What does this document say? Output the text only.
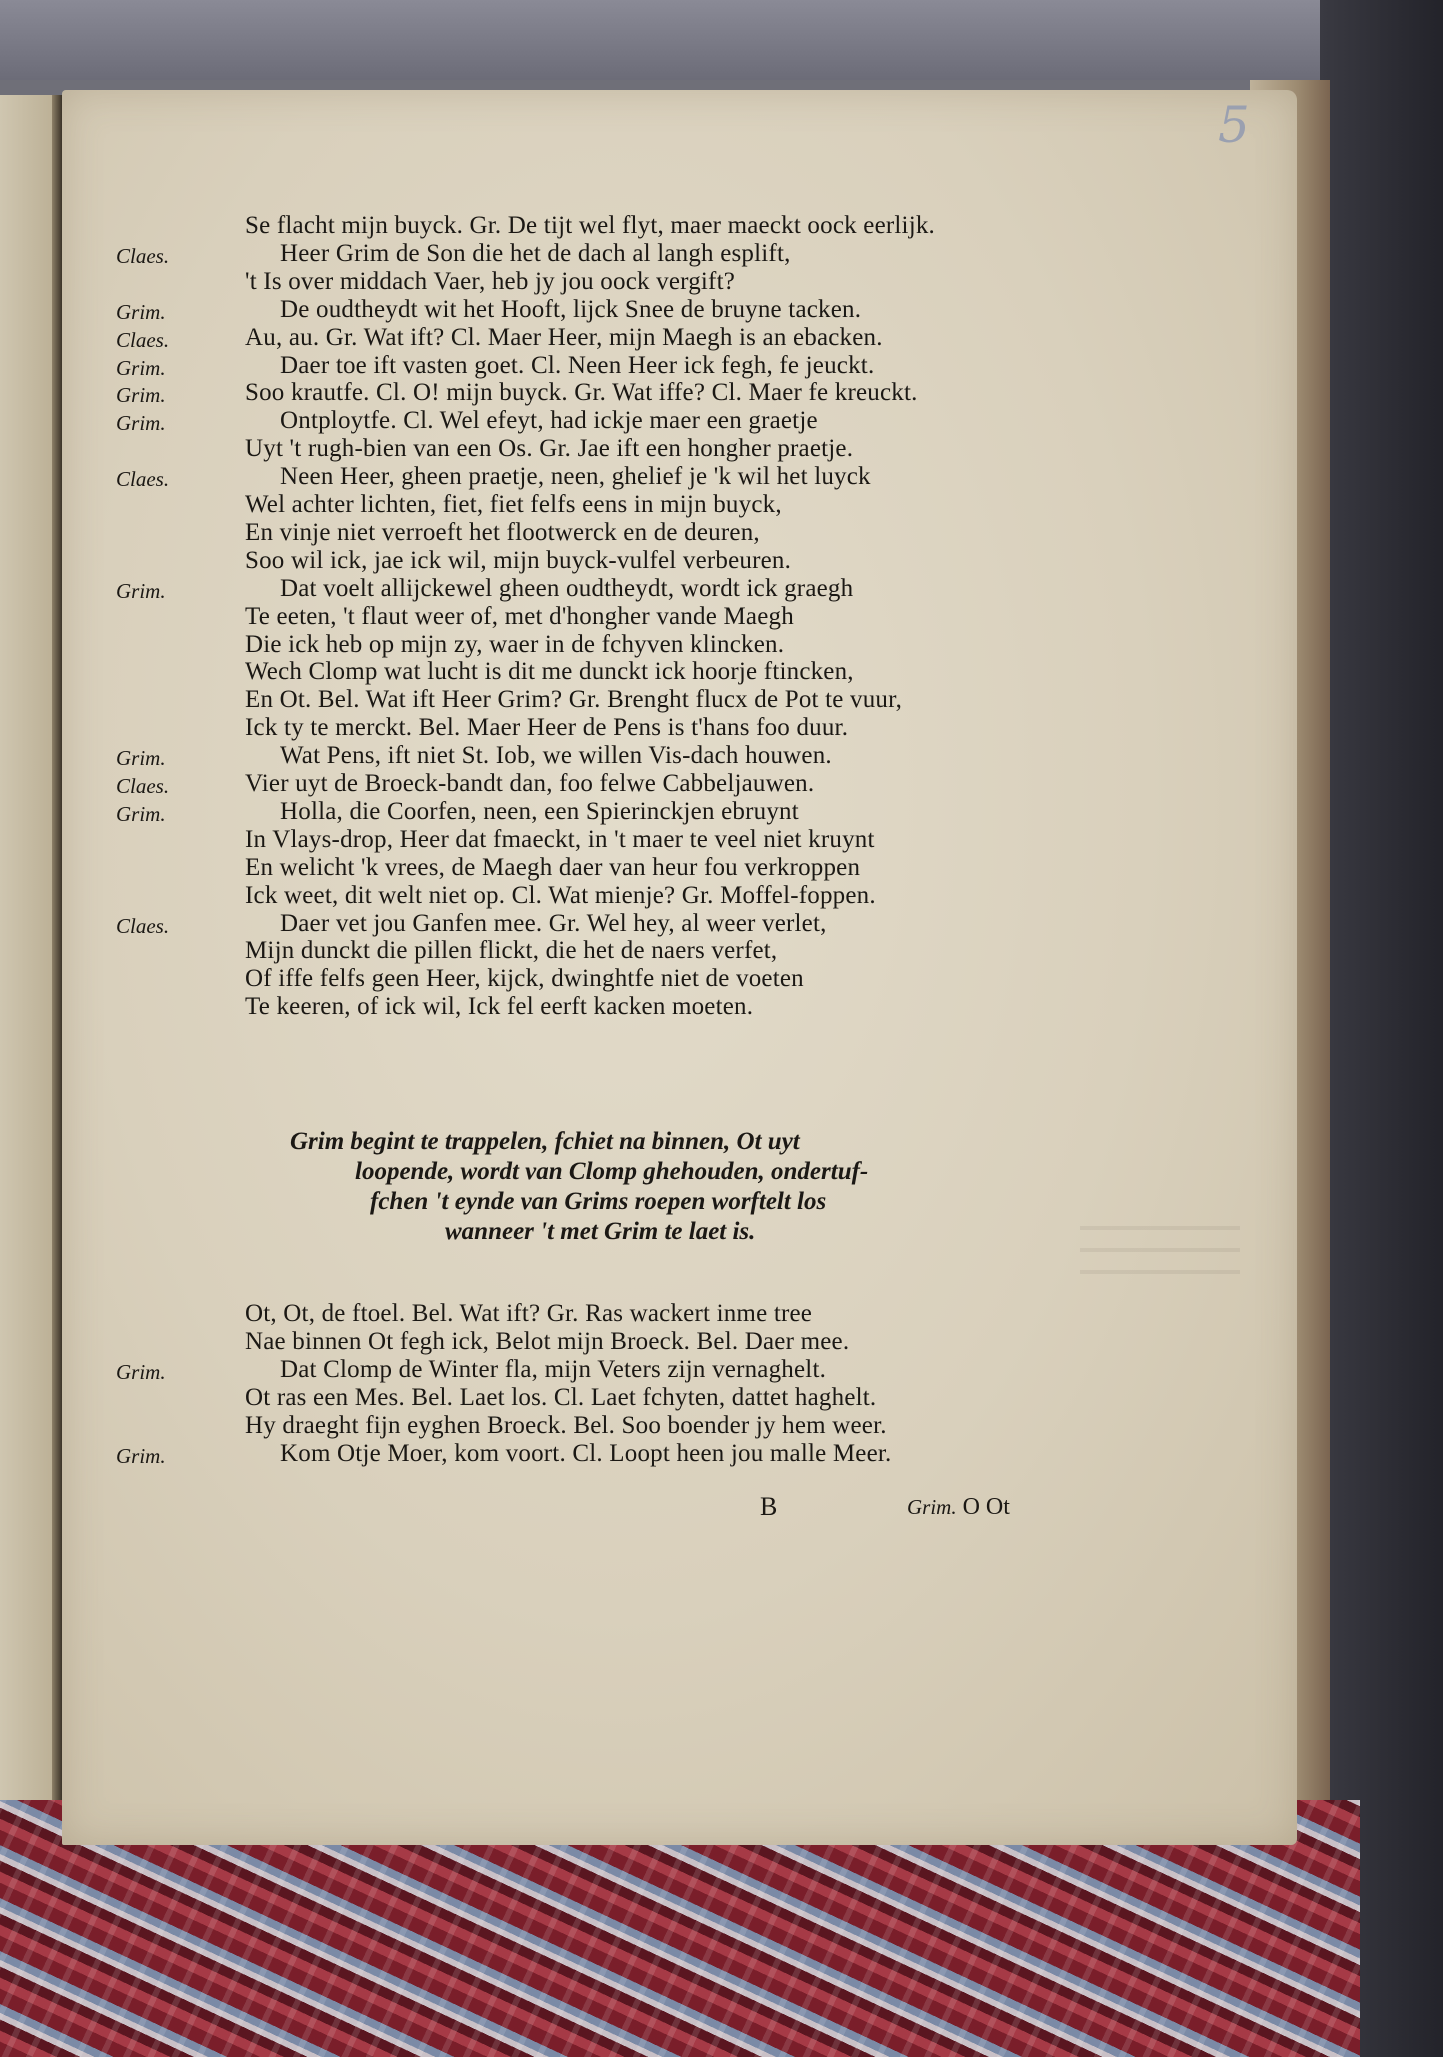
5
Se flacht mijn buyck. Gr. De tijt wel flyt, maer maeckt oock eerlijk.
Heer Grim de Son die het de dach al langh esplift,
Claes.
't Is over middach Vaer, heb jy jou oock vergift?
De oudtheydt wit het Hooft, lijck Snee de bruyne tacken.
Grim.
Au, au. Gr. Wat ift? Cl. Maer Heer, mijn Maegh is an ebacken.
Claes.
Daer toe ift vasten goet. Cl. Neen Heer ick fegh, fe jeuckt.
Grim.
Soo krautfe. Cl. O! mijn buyck. Gr. Wat iffe? Cl. Maer fe kreuckt.
Grim.
Ontploytfe. Cl. Wel efeyt, had ickje maer een graetje
Grim.
Uyt 't rugh-bien van een Os. Gr. Jae ift een hongher praetje.
Neen Heer, gheen praetje, neen, ghelief je 'k wil het luyck
Claes.
Wel achter lichten, fiet, fiet felfs eens in mijn buyck,
En vinje niet verroeft het flootwerck en de deuren,
Soo wil ick, jae ick wil, mijn buyck-vulfel verbeuren.
Dat voelt allijckewel gheen oudtheydt, wordt ick graegh
Grim.
Te eeten, 't flaut weer of, met d'hongher vande Maegh
Die ick heb op mijn zy, waer in de fchyven klincken.
Wech Clomp wat lucht is dit me dunckt ick hoorje ftincken,
En Ot. Bel. Wat ift Heer Grim? Gr. Brenght flucx de Pot te vuur,
Ick ty te merckt. Bel. Maer Heer de Pens is t'hans foo duur.
Wat Pens, ift niet St. Iob, we willen Vis-dach houwen.
Grim.
Vier uyt de Broeck-bandt dan, foo felwe Cabbeljauwen.
Claes.
Holla, die Coorfen, neen, een Spierinckjen ebruynt
Grim.
In Vlays-drop, Heer dat fmaeckt, in 't maer te veel niet kruynt
En welicht 'k vrees, de Maegh daer van heur fou verkroppen
Ick weet, dit welt niet op. Cl. Wat mienje? Gr. Moffel-foppen.
Daer vet jou Ganfen mee. Gr. Wel hey, al weer verlet,
Claes.
Mijn dunckt die pillen flickt, die het de naers verfet,
Of iffe felfs geen Heer, kijck, dwinghtfe niet de voeten
Te keeren, of ick wil, Ick fel eerft kacken moeten.
Grim begint te trappelen, fchiet na binnen, Ot uyt
loopende, wordt van Clomp ghehouden, ondertuf-
fchen 't eynde van Grims roepen worftelt los
wanneer 't met Grim te laet is.
Ot, Ot, de ftoel. Bel. Wat ift? Gr. Ras wackert inme tree
Nae binnen Ot fegh ick, Belot mijn Broeck. Bel. Daer mee.
Dat Clomp de Winter fla, mijn Veters zijn vernaghelt.
Grim.
Ot ras een Mes. Bel. Laet los. Cl. Laet fchyten, dattet haghelt.
Hy draeght fijn eyghen Broeck. Bel. Soo boender jy hem weer.
Kom Otje Moer, kom voort. Cl. Loopt heen jou malle Meer.
Grim.
B	Grim. O Ot
